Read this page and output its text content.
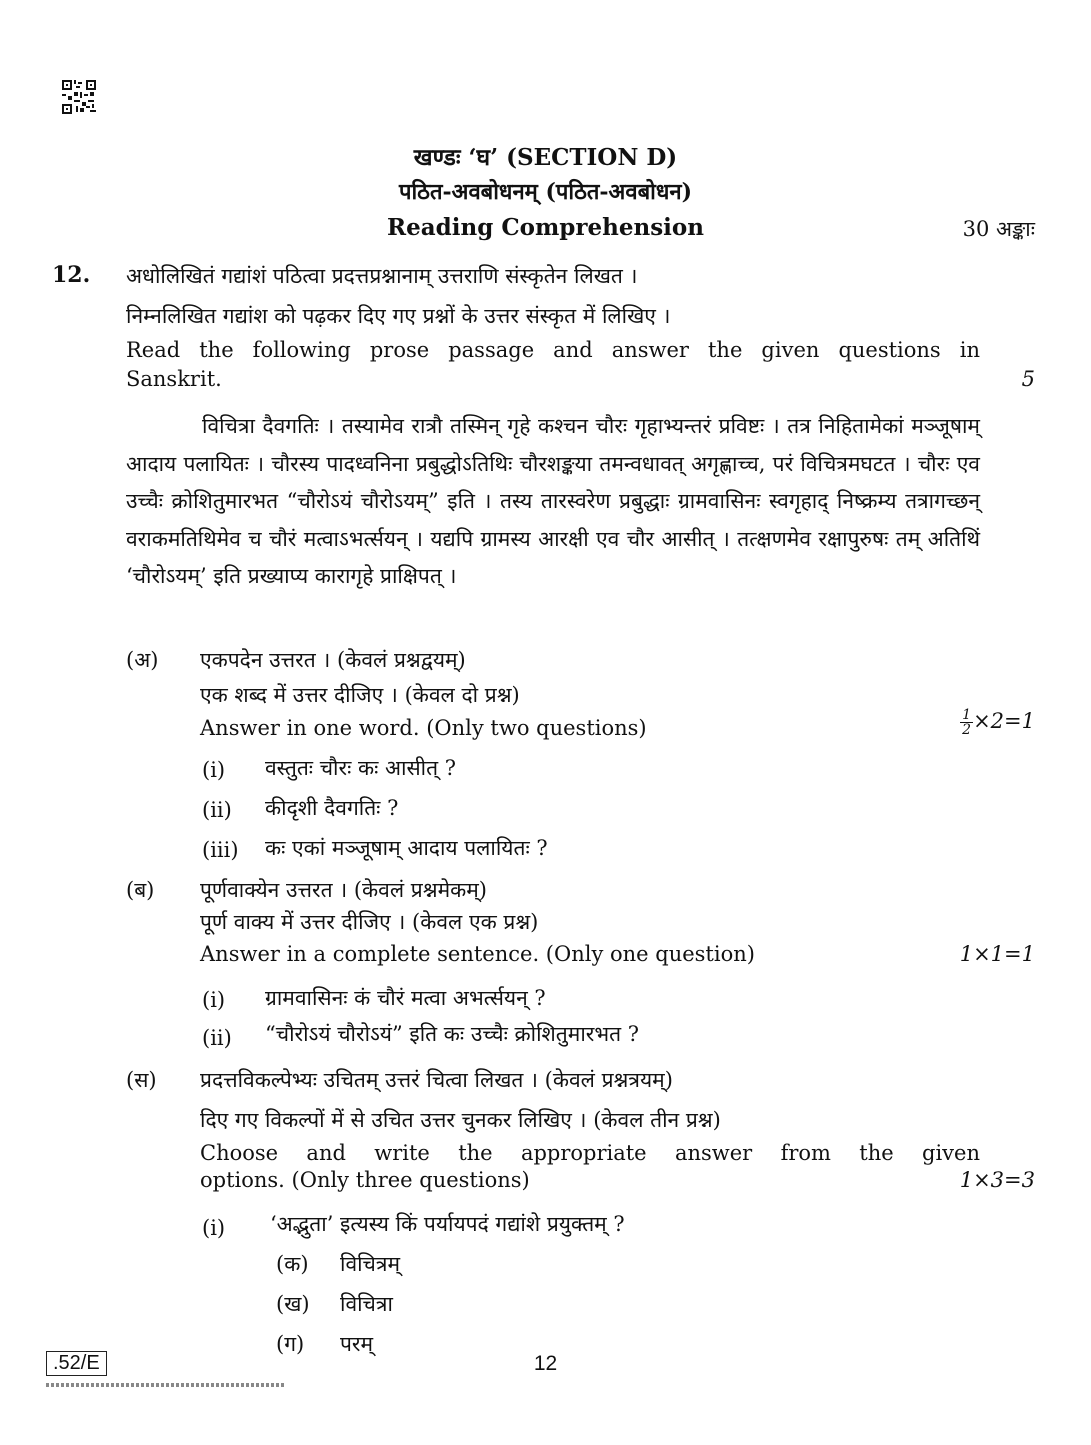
खण्डः ‘घ’ (SECTION D)
पठित-अवबोधनम् (पठित-अवबोधन)
Reading Comprehension	30 अङ्काः
12. अधोलिखितं गद्यांशं पठित्वा प्रदत्तप्रश्नानाम् उत्तराणि संस्कृतेन लिखत ।
निम्नलिखित गद्यांश को पढ़कर दिए गए प्रश्नों के उत्तर संस्कृत में लिखिए ।
Read the following prose passage and answer the given questions in
Sanskrit.	5

विचित्रा दैवगतिः । तस्यामेव रात्रौ तस्मिन् गृहे कश्चन चौरः गृहाभ्यन्तरं प्रविष्टः । तत्र निहितामेकां मञ्जूषाम् आदाय पलायितः । चौरस्य पादध्वनिना प्रबुद्धोऽतिथिः चौरशङ्कया तमन्वधावत् अगृह्णाच्च, परं विचित्रमघटत । चौरः एव उच्चैः क्रोशितुमारभत “चौरोऽयं चौरोऽयम्” इति । तस्य तारस्वरेण प्रबुद्धाः ग्रामवासिनः स्वगृहाद् निष्क्रम्य तत्रागच्छन् वराकमतिथिमेव च चौरं मत्वाऽभर्त्सयन् । यद्यपि ग्रामस्य आरक्षी एव चौर आसीत् । तत्क्षणमेव रक्षापुरुषः तम् अतिथिं ‘चौरोऽयम्’ इति प्रख्याप्य कारागृहे प्राक्षिपत् ।

(अ) एकपदेन उत्तरत । (केवलं प्रश्नद्वयम्)
एक शब्द में उत्तर दीजिए । (केवल दो प्रश्न)
Answer in one word. (Only two questions)	$\frac{1}{2} \times 2=1$
(i) वस्तुतः चौरः कः आसीत् ?
(ii) कीदृशी दैवगतिः ?
(iii) कः एकां मञ्जूषाम् आदाय पलायितः ?
(ब) पूर्णवाक्येन उत्तरत । (केवलं प्रश्नमेकम्)
पूर्ण वाक्य में उत्तर दीजिए । (केवल एक प्रश्न)
Answer in a complete sentence. (Only one question)	1×1=1
(i) ग्रामवासिनः कं चौरं मत्वा अभर्त्सयन् ?
(ii) “चौरोऽयं चौरोऽयं” इति कः उच्चैः क्रोशितुमारभत ?
(स) प्रदत्तविकल्पेभ्यः उचितम् उत्तरं चित्वा लिखत । (केवलं प्रश्नत्रयम्)
दिए गए विकल्पों में से उचित उत्तर चुनकर लिखिए । (केवल तीन प्रश्न)
Choose and write the appropriate answer from the given
options. (Only three questions)	1×3=3
(i) ‘अद्भुता’ इत्यस्य किं पर्यायपदं गद्यांशे प्रयुक्तम् ?
(क) विचित्रम्
(ख) विचित्रा
(ग) परम्
.52/E	12
